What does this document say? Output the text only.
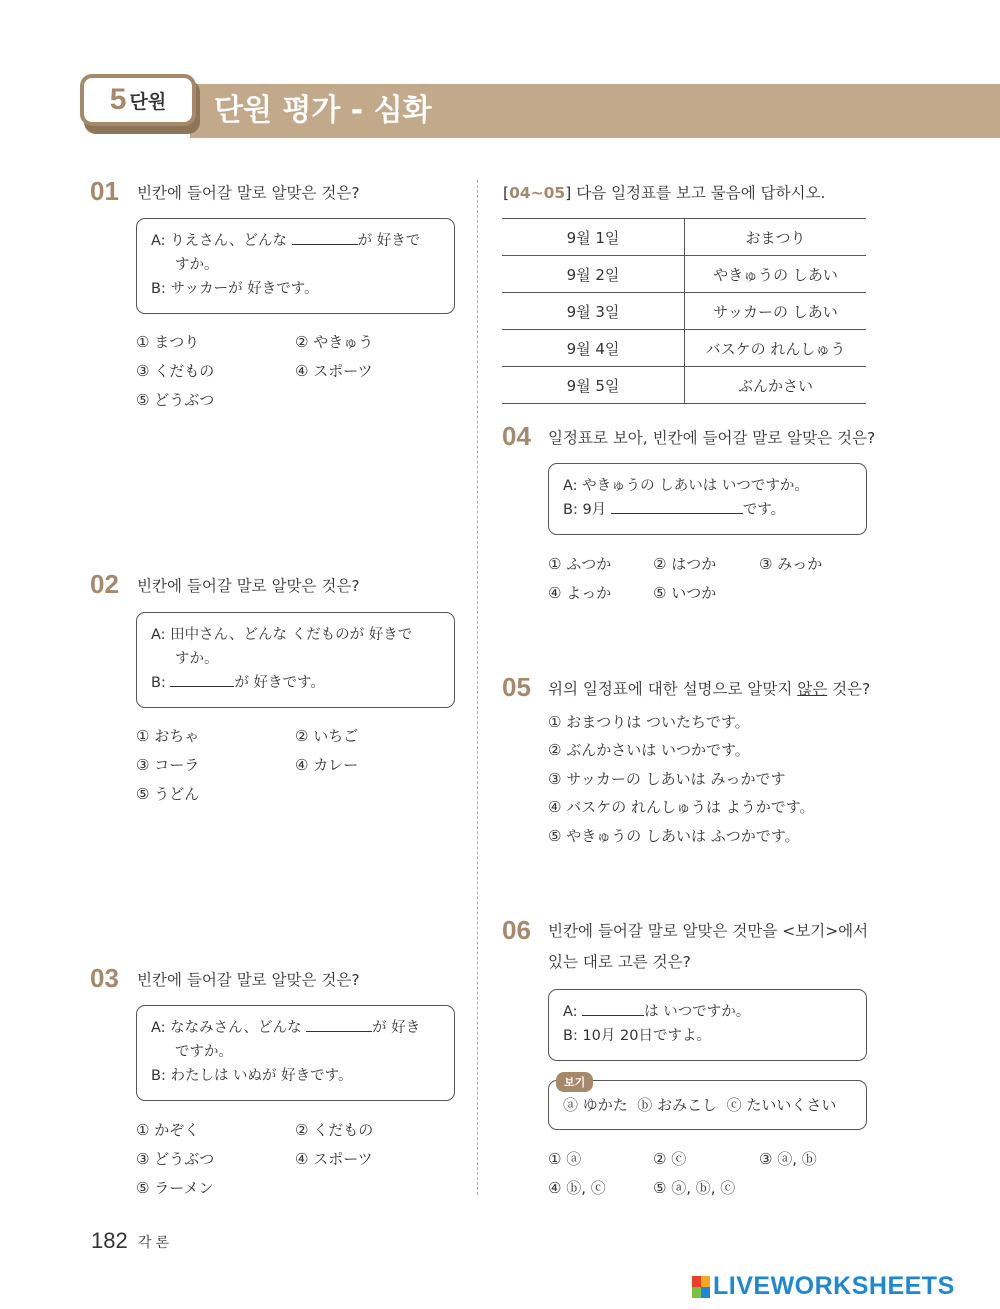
5 단원 단원 평가 - 심화
01 빈칸에 들어갈 말로 알맞은 것은?
A: りえさん、どんな	が 好きで
すか。
B: サッカーが 好きです。
① まつり	② やきゅう
③ くだもの	④ スポーツ
⑤ どうぶつ
02 빈칸에 들어갈 말로 알맞은 것은?
A: 田中さん、どんな くだものが 好きで
すか。
B:	が 好きです。
① おちゃ	② いちご
③ コーラ	④ カレー
⑤ うどん
03 빈칸에 들어갈 말로 알맞은 것은?
A: ななみさん、どんな	が 好き
ですか。
B: わたしは いぬが 好きです。
① かぞく	② くだもの
③ どうぶつ	④ スポーツ
⑤ ラーメン
[04~05] 다음 일정표를 보고 물음에 답하시오.
9월 1일	おまつり
9월 2일	やきゅうの しあい
9월 3일	サッカーの しあい
9월 4일	バスケの れんしゅう
9월 5일	ぶんかさい
04 일정표로 보아, 빈칸에 들어갈 말로 알맞은 것은?
A: やきゅうの しあいは いつですか。
B: 9月	です。
① ふつか	② はつか	③ みっか
④ よっか	⑤ いつか
05 위의 일정표에 대한 설명으로 알맞지 않은 것은?
① おまつりは ついたちです。
② ぶんかさいは いつかです。
③ サッカーの しあいは みっかです
④ バスケの れんしゅうは ようかです。
⑤ やきゅうの しあいは ふつかです。
06 빈칸에 들어갈 말로 알맞은 것만을 <보기>에서
있는 대로 고른 것은?
A:	は いつですか。
B: 10月 20日ですよ。
보기
ⓐ ゆかた  ⓑ おみこし  ⓒ たいいくさい
① ⓐ	② ⓒ	③ ⓐ, ⓑ
④ ⓑ, ⓒ	⑤ ⓐ, ⓑ, ⓒ
182 각론
LIVEWORKSHEETS
